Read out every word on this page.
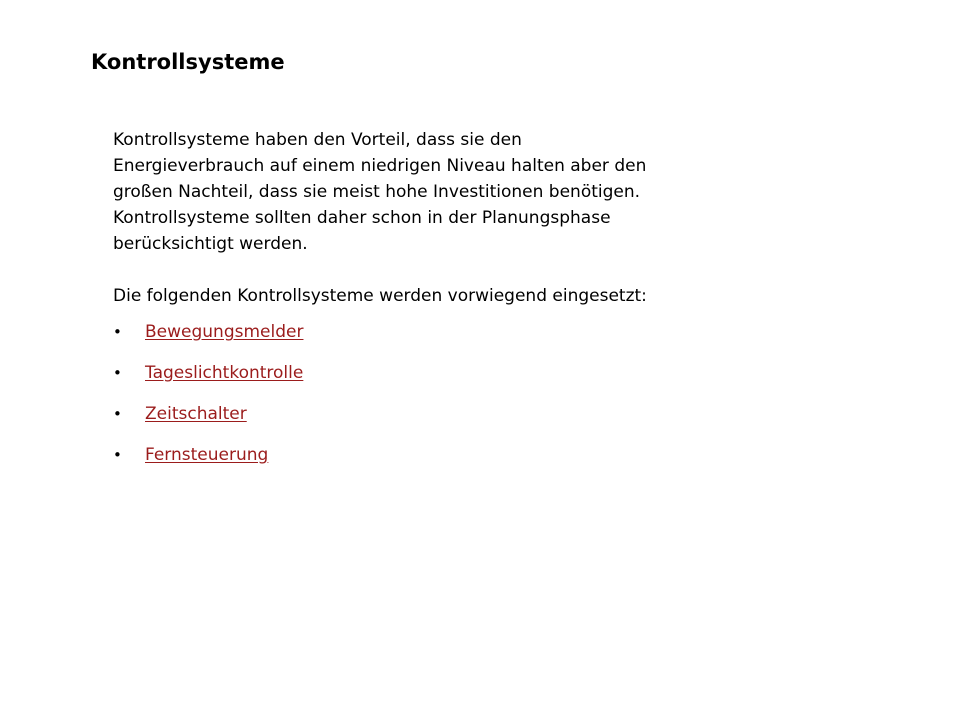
Kontrollsysteme

Kontrollsysteme haben den Vorteil, dass sie den
Energieverbrauch auf einem niedrigen Niveau halten aber den
großen Nachteil, dass sie meist hohe Investitionen benötigen.
Kontrollsysteme sollten daher schon in der Planungsphase
berücksichtigt werden.

Die folgenden Kontrollsysteme werden vorwiegend eingesetzt:

• Bewegungsmelder
• Tageslichtkontrolle
• Zeitschalter
• Fernsteuerung
